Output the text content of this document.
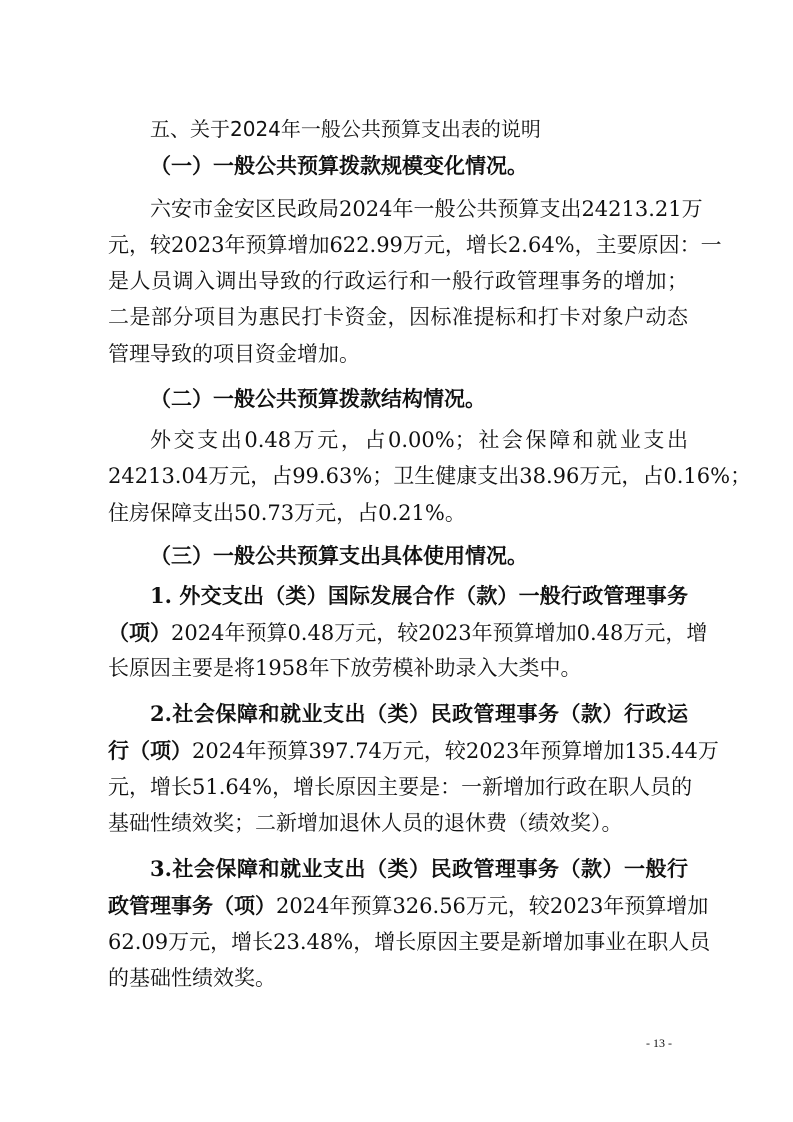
五、关于2024年一般公共预算支出表的说明
（一）一般公共预算拨款规模变化情况。
六安市金安区民政局2024年一般公共预算支出24213.21万
元，较2023年预算增加622.99万元，增长2.64%，主要原因：一
是人员调入调出导致的行政运行和一般行政管理事务的增加；
二是部分项目为惠民打卡资金，因标准提标和打卡对象户动态
管理导致的项目资金增加。
（二）一般公共预算拨款结构情况。
外交支出0.48万元，占0.00%；社会保障和就业支出
24213.04万元，占99.63%；卫生健康支出38.96万元，占0.16%；
住房保障支出50.73万元，占0.21%。
（三）一般公共预算支出具体使用情况。
1. 外交支出（类）国际发展合作（款）一般行政管理事务
（项）2024年预算0.48万元，较2023年预算增加0.48万元，增
长原因主要是将1958年下放劳模补助录入大类中。
2.社会保障和就业支出（类）民政管理事务（款）行政运
行（项）2024年预算397.74万元，较2023年预算增加135.44万
元，增长51.64%，增长原因主要是：一新增加行政在职人员的
基础性绩效奖；二新增加退休人员的退休费（绩效奖）。
3.社会保障和就业支出（类）民政管理事务（款）一般行
政管理事务（项）2024年预算326.56万元，较2023年预算增加
62.09万元，增长23.48%，增长原因主要是新增加事业在职人员
的基础性绩效奖。
- 13 -
